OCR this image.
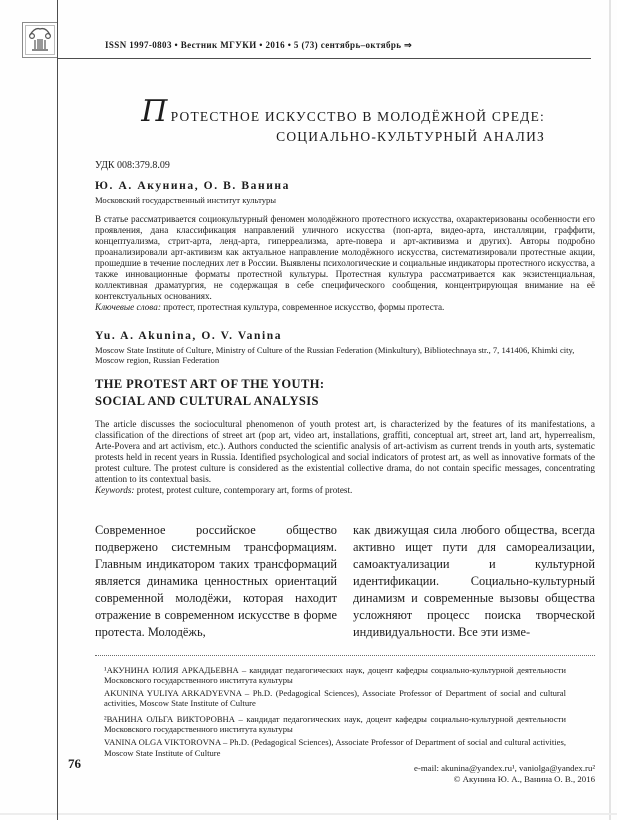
ISSN 1997-0803 • Вестник МГУКИ • 2016 • 5 (73) сентябрь–октябрь ⇒
ПРОТЕСТНОЕ ИСКУССТВО В МОЛОДЁЖНОЙ СРЕДЕ:
СОЦИАЛЬНО-КУЛЬТУРНЫЙ АНАЛИЗ
УДК 008:379.8.09
Ю. А. Акунина, О. В. Ванина
Московский государственный институт культуры
В статье рассматривается социокультурный феномен молодёжного протестного искусства, охарактеризованы особенности его проявления, дана классификация направлений уличного искусства (поп-арта, видео-арта, инсталляции, граффити, концептуализма, стрит-арта, ленд-арта, гиперреализма, арте-повера и арт-активизма и других). Авторы подробно проанализировали арт-активизм как актуальное направление молодёжного искусства, систематизировали протестные акции, прошедшие в течение последних лет в России. Выявлены психологические и социальные индикаторы протестного искусства, а также инновационные форматы протестной культуры. Протестная культура рассматривается как экзистенциальная, коллективная драматургия, не содержащая в себе специфического сообщения, концентрирующая внимание на её контекстуальных основаниях.
Ключевые слова: протест, протестная культура, современное искусство, формы протеста.
Yu. A. Akunina, O. V. Vanina
Moscow State Institute of Culture, Ministry of Culture of the Russian Federation (Minkultury), Bibliotechnaya str., 7, 141406, Khimki city, Moscow region, Russian Federation
THE PROTEST ART OF THE YOUTH:
SOCIAL AND CULTURAL ANALYSIS
The article discusses the sociocultural phenomenon of youth protest art, is characterized by the features of its manifestations, a classification of the directions of street art (pop art, video art, installations, graffiti, conceptual art, street art, land art, hyperrealism, Arte-Povera and art activism, etc.). Authors conducted the scientific analysis of art-activism as current trends in youth arts, systematic protests held in recent years in Russia. Identified psychological and social indicators of protest art, as well as innovative formats of the protest culture. The protest culture is considered as the existential collective drama, do not contain specific messages, concentrating attention to its contextual basis.
Keywords: protest, protest culture, contemporary art, forms of protest.
Современное российское общество подвержено системным трансформациям. Главным индикатором таких трансформаций является динамика ценностных ориентаций современной молодёжи, которая находит отражение в современном искусстве в форме протеста. Молодёжь,
как движущая сила любого общества, всегда активно ищет пути для самореализации, самоактуализации и культурной идентификации. Социально-культурный динамизм и современные вызовы общества усложняют процесс поиска творческой индивидуальности. Все эти изме-
¹АКУНИНА ЮЛИЯ АРКАДЬЕВНА – кандидат педагогических наук, доцент кафедры социально-культурной деятельности Московского государственного института культуры
AKUNINA YULIYA ARKADYEVNA – Ph.D. (Pedagogical Sciences), Associate Professor of Department of social and cultural activities, Moscow State Institute of Culture
²ВАНИНА ОЛЬГА ВИКТОРОВНА – кандидат педагогических наук, доцент кафедры социально-культурной деятельности Московского государственного института культуры
VANINA OLGA VIKTOROVNA – Ph.D. (Pedagogical Sciences), Associate Professor of Department of social and cultural activities, Moscow State Institute of Culture
e-mail: akunina@yandex.ru¹, vaniolga@yandex.ru²
© Акунина Ю. А., Ванина О. В., 2016
76
